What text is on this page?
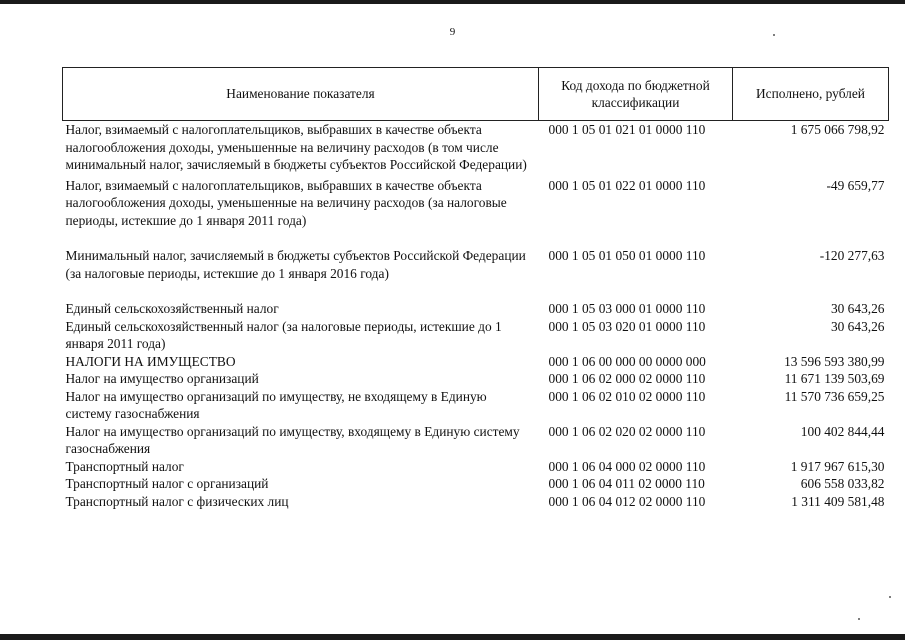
9
Наименование показателя	Код дохода по бюджетной классификации	Исполнено, рублей
Налог, взимаемый с налогоплательщиков, выбравших в качестве объекта налогообложения доходы, уменьшенные на величину расходов (в том числе минимальный налог, зачисляемый в бюджеты субъектов Российской Федерации)	000 1 05 01 021 01 0000 110	1 675 066 798,92
Налог, взимаемый с налогоплательщиков, выбравших в качестве объекта налогообложения доходы, уменьшенные на величину расходов (за налоговые периоды, истекшие до 1 января 2011 года)	000 1 05 01 022 01 0000 110	-49 659,77
Минимальный налог, зачисляемый в бюджеты субъектов Российской Федерации (за налоговые периоды, истекшие до 1 января 2016 года)	000 1 05 01 050 01 0000 110	-120 277,63
Единый сельскохозяйственный налог	000 1 05 03 000 01 0000 110	30 643,26
Единый сельскохозяйственный налог (за налоговые периоды, истекшие до 1 января 2011 года)	000 1 05 03 020 01 0000 110	30 643,26
НАЛОГИ НА ИМУЩЕСТВО	000 1 06 00 000 00 0000 000	13 596 593 380,99
Налог на имущество организаций	000 1 06 02 000 02 0000 110	11 671 139 503,69
Налог на имущество организаций по имуществу, не входящему в Единую систему газоснабжения	000 1 06 02 010 02 0000 110	11 570 736 659,25
Налог на имущество организаций по имуществу, входящему в Единую систему газоснабжения	000 1 06 02 020 02 0000 110	100 402 844,44
Транспортный налог	000 1 06 04 000 02 0000 110	1 917 967 615,30
Транспортный налог с организаций	000 1 06 04 011 02 0000 110	606 558 033,82
Транспортный налог с физических лиц	000 1 06 04 012 02 0000 110	1 311 409 581,48
